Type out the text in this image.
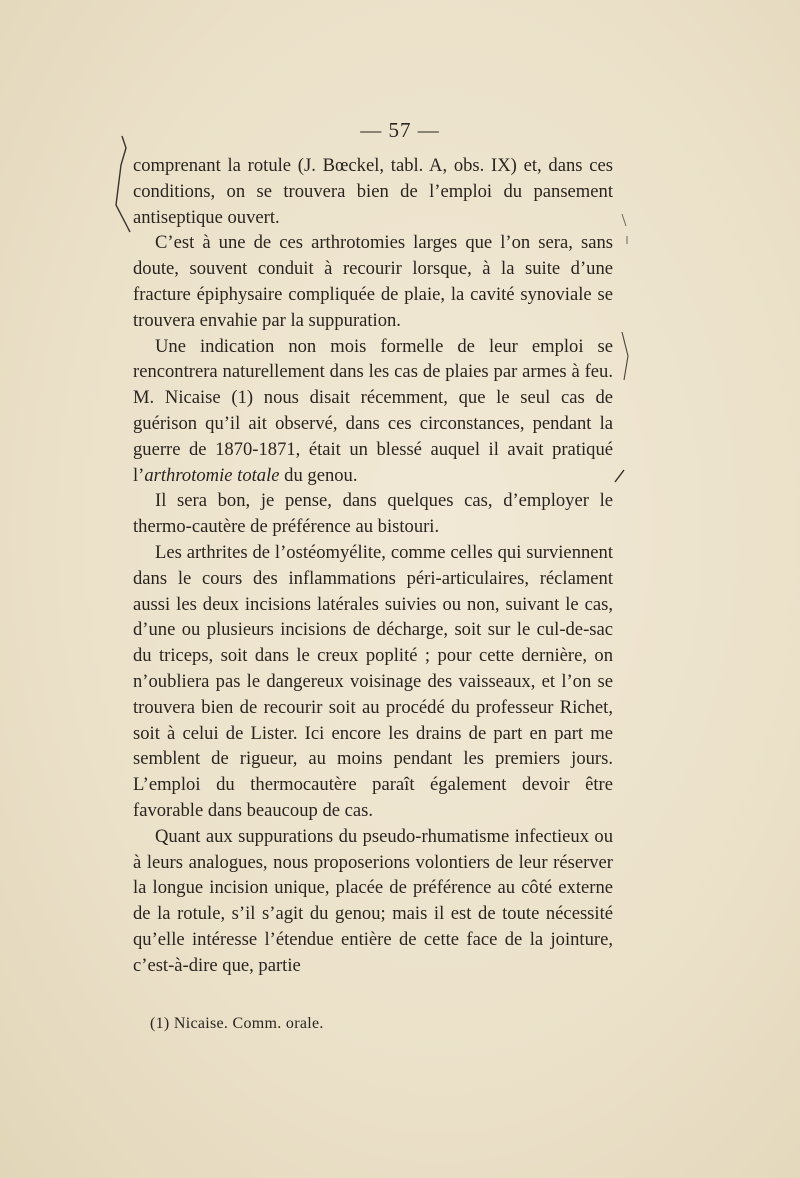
— 57 —

comprenant la rotule (J. Bœckel, tabl. A, obs. IX) et, dans ces conditions, on se trouvera bien de l’emploi du pansement antiseptique ouvert.

C’est à une de ces arthrotomies larges que l’on sera, sans doute, souvent conduit à recourir lorsque, à la suite d’une fracture épiphysaire compliquée de plaie, la cavité synoviale se trouvera envahie par la suppuration.

Une indication non mois formelle de leur emploi se rencontrera naturellement dans les cas de plaies par armes à feu. M. Nicaise (1) nous disait récemment, que le seul cas de guérison qu’il ait observé, dans ces circonstances, pendant la guerre de 1870-1871, était un blessé auquel il avait pratiqué l’arthrotomie totale du genou.

Il sera bon, je pense, dans quelques cas, d’employer le thermo-cautère de préférence au bistouri.

Les arthrites de l’ostéomyélite, comme celles qui surviennent dans le cours des inflammations péri-articulaires, réclament aussi les deux incisions latérales suivies ou non, suivant le cas, d’une ou plusieurs incisions de décharge, soit sur le cul-de-sac du triceps, soit dans le creux poplité ; pour cette dernière, on n’oubliera pas le dangereux voisinage des vaisseaux, et l’on se trouvera bien de recourir soit au procédé du professeur Richet, soit à celui de Lister. Ici encore les drains de part en part me semblent de rigueur, au moins pendant les premiers jours. L’emploi du thermocautère paraît également devoir être favorable dans beaucoup de cas.

Quant aux suppurations du pseudo-rhumatisme infectieux ou à leurs analogues, nous proposerions volontiers de leur réserver la longue incision unique, placée de préférence au côté externe de la rotule, s’il s’agit du genou; mais il est de toute nécessité qu’elle intéresse l’étendue entière de cette face de la jointure, c’est-à-dire que, partie

(1) Nicaise. Comm. orale.
